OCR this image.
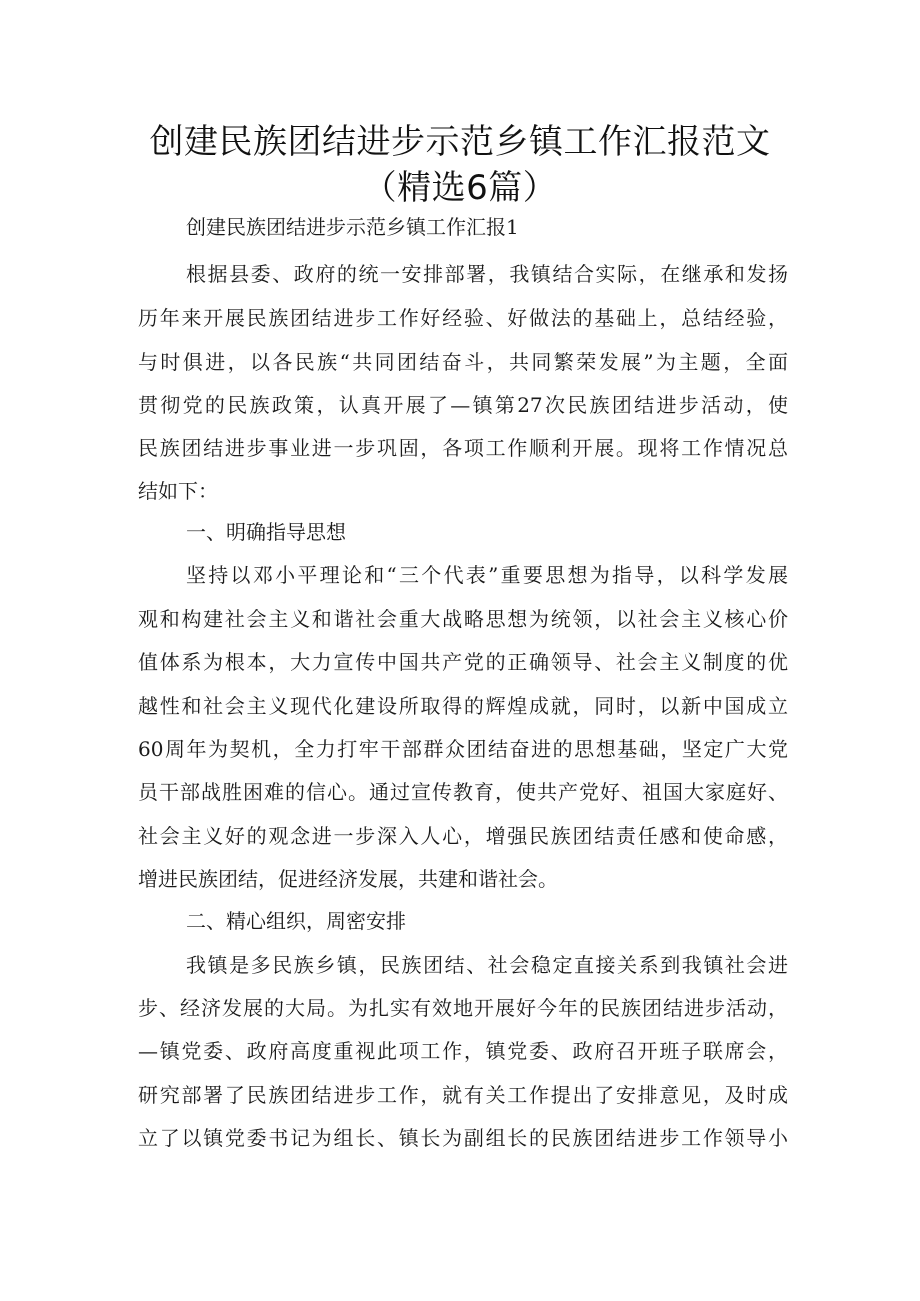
创建民族团结进步示范乡镇工作汇报范文
（精选6篇）
创建民族团结进步示范乡镇工作汇报1
根据县委、政府的统一安排部署，我镇结合实际，在继承和发扬
历年来开展民族团结进步工作好经验、好做法的基础上，总结经验，
与时俱进，以各民族“共同团结奋斗，共同繁荣发展”为主题，全面
贯彻党的民族政策，认真开展了—镇第27次民族团结进步活动，使
民族团结进步事业进一步巩固，各项工作顺利开展。现将工作情况总
结如下：
一、明确指导思想
坚持以邓小平理论和“三个代表”重要思想为指导，以科学发展
观和构建社会主义和谐社会重大战略思想为统领，以社会主义核心价
值体系为根本，大力宣传中国共产党的正确领导、社会主义制度的优
越性和社会主义现代化建设所取得的辉煌成就，同时，以新中国成立
60周年为契机，全力打牢干部群众团结奋进的思想基础，坚定广大党
员干部战胜困难的信心。通过宣传教育，使共产党好、祖国大家庭好、
社会主义好的观念进一步深入人心，增强民族团结责任感和使命感，
增进民族团结，促进经济发展，共建和谐社会。
二、精心组织，周密安排
我镇是多民族乡镇，民族团结、社会稳定直接关系到我镇社会进
步、经济发展的大局。为扎实有效地开展好今年的民族团结进步活动，
—镇党委、政府高度重视此项工作，镇党委、政府召开班子联席会，
研究部署了民族团结进步工作，就有关工作提出了安排意见，及时成
立了以镇党委书记为组长、镇长为副组长的民族团结进步工作领导小
